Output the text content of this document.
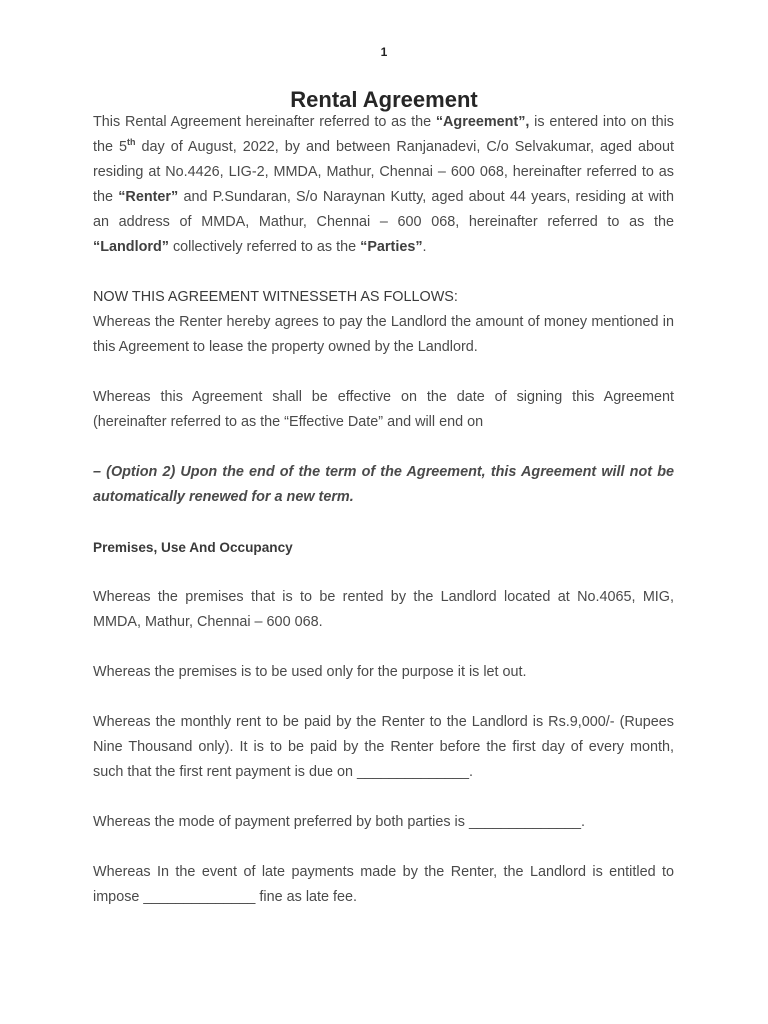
1
Rental Agreement

This Rental Agreement hereinafter referred to as the “Agreement”, is entered into on this the 5th day of August, 2022, by and between Ranjanadevi, C/o Selvakumar, aged about residing at No.4426, LIG-2, MMDA, Mathur, Chennai – 600 068, hereinafter referred to as the “Renter” and P.Sundaran, S/o Naraynan Kutty, aged about 44 years, residing at with an address of MMDA, Mathur, Chennai – 600 068, hereinafter referred to as the “Landlord” collectively referred to as the “Parties”.

NOW THIS AGREEMENT WITNESSETH AS FOLLOWS:

Whereas the Renter hereby agrees to pay the Landlord the amount of money mentioned in this Agreement to lease the property owned by the Landlord.

Whereas this Agreement shall be effective on the date of signing this Agreement (hereinafter referred to as the “Effective Date” and will end on

– (Option 2) Upon the end of the term of the Agreement, this Agreement will not be automatically renewed for a new term.

Premises, Use And Occupancy

Whereas the premises that is to be rented by the Landlord located at No.4065, MIG, MMDA, Mathur, Chennai – 600 068.

Whereas the premises is to be used only for the purpose it is let out.

Whereas the monthly rent to be paid by the Renter to the Landlord is Rs.9,000/- (Rupees Nine Thousand only). It is to be paid by the Renter before the first day of every month, such that the first rent payment is due on ______________.

Whereas the mode of payment preferred by both parties is ______________.

Whereas In the event of late payments made by the Renter, the Landlord is entitled to impose ______________ fine as late fee.
